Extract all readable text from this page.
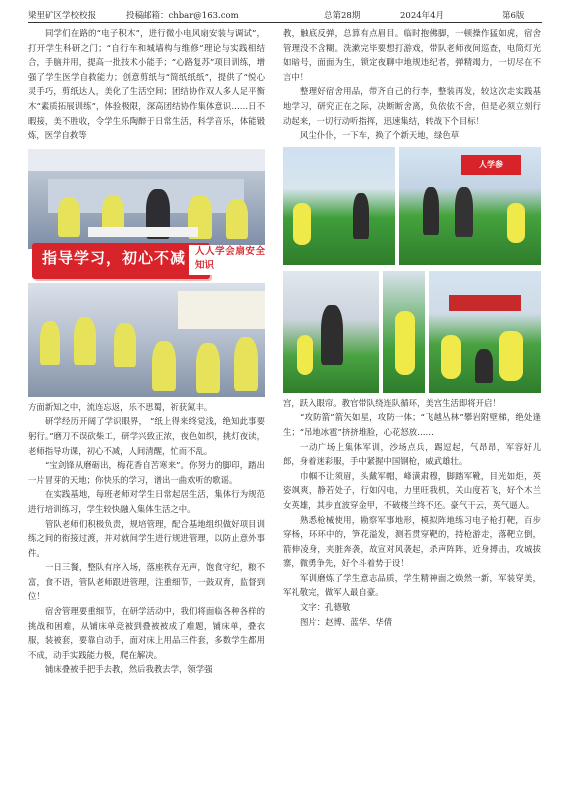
梁里矿区学校校报	投稿邮箱：chbar@163.com	总第28期	2024年4月	第6版

同学们在路的“电子积木”，进行微小电风扇安装与调试”，打开学生科研之门；“自行车和城墙构与维修”理论与实践相结合，手脑并用，提高一批技术小能手；“心路复苏”项目训练，增强了学生医学自救能力；创意剪纸与“简纸纸纸”，提供了“悦心灵手巧，剪纸达人，美化了生活空间；团结协作双人多人足平衡木“素质拓展训练”，体验极限，深高团结协作集体意识……日不暇接，美不胜收，令学生乐陶醉于日常生活，科学音乐，体能锻炼，医学自救等

指导学习，初心不减 人人学会扇安全知识

方面新知之中，流连忘返，乐不思蜀，祈获氮丰。

研学经历开阔了学识眼界， “纸上得来终觉浅，绝知此事要躬行。”磨刀不误砍柴工，研学兴致正浓，夜色如织，挑灯夜读，老师指导功课，初心不减，人间清醒，忙而不乱。

“宝剑锋从磨砺出，梅花香自苦寒来”。你努力的脚印，踏出一片冒芽的天地；你快乐的学习，谱出一曲欢听的歌谣。

在实践基地，每班老师对学生日常起居生活，集体行为规范进行培训练习，学生较快融入集体生活之中。

管队老师们积极负责，规培管理，配合基地组织做好项目训练之间的衔接过渡，并对就间学生进行规进管理，以防止意外事件。

一日三餐，整队有序入场，落座秩存无声，饱食守纪，粮不富，食不语，管队老师跟进管理，注重细节，一鼓双育，监督到位！

宿舍管理要重细节，在研学活动中，我们将面临各种各样的挑战和困难，从铺床单竞被到叠被被成了难题，铺床单，叠衣服，装被套，要靠自动手，面对床上用品三件套，多数学生都用不成，动手实践能力极，爬在解决。

铺床叠被手把手去教，然后我教去学，领学强

教，触底反弹，总算有点眉目。临时抱佛脚，一顿操作猛如虎，宿舍管理没不含糊。洗漱完毕要想打游戏，带队老师夜间巡查，电筒灯光如暗号，面面为生，锁定夜聊中地规违纪者，弹精竭力，一切尽在不言中！

整理好宿舍用品，带齐自己的行李，整装再发，较这次走实践基地学习，研究正在之际，决断断舍离，负依依不舍，但是必须立刻行动起来，一切行动听指挥，迅速集结，转战下个目标！

风尘仆仆，一下车，换了个新天地，绿色草

人学参

宫，跃入眼帘。教官带队绕连队循环，美宫生活即将开启！

“攻防箭”箭矢如星，攻防一体；“飞越丛林”攀岩附壁梯，绝处逢生；“吊地冰雹”挤挤堆脸，心花怒放……

一动广场上集体军训，沙场点兵，踢逗起，气昂昂，军容好儿郎，身着迷彩服，手中紧握中国钢枪，威武雄壮。

巾帼不让须眉，头戴军帽，峰潢肃穆，脚踏军靴，目光如炬，英姿飒爽，静若处子，行如闪电，力里旺我机，关山度若飞，好个木兰女英雄，其步直波穿金甲，不破楼兰终不还。豪气干云，英气逼人。

熟悉枪械使用，勘察军事地形，模拟阵地练习电子枪打靶，百步穿杨，环环中的，笋花溢发，测若贯穿靶的，持枪游走，落靶立倒，箭伸凌身，夹脏奔袭，故宣对风袭起，杀声阵阵，近身搏击，攻城拔寨，微勇争先，好个斗着势于设！

军训磨炼了学生意志品质，学生精神面之焕然一新，军装穿美，军礼敬完，做军人最自豪。

文字：孔德敬

图片：赵博、蓝华、华倩
